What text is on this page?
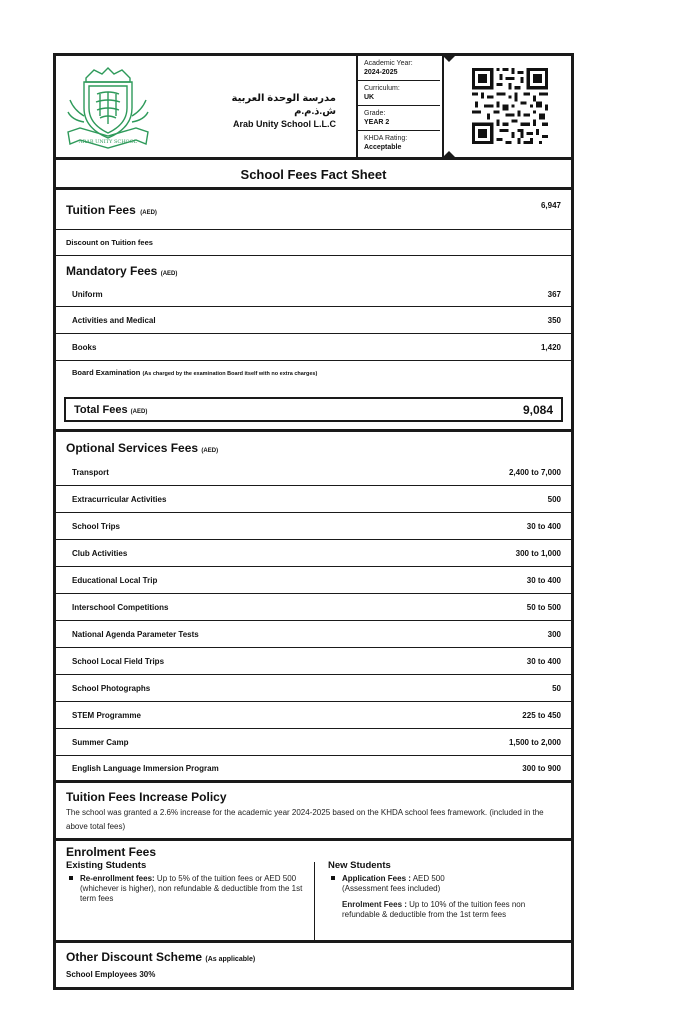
ARAB UNITY SCHOOL
مدرسة الوحدة العربية ش.ذ.م.م
Arab Unity School L.L.C
Academic Year:
2024-2025
Curriculum:
UK
Grade:
YEAR 2
KHDA Rating:
Acceptable
School Fees Fact Sheet
Tuition Fees (AED)
6,947
Discount on Tuition fees
Mandatory Fees (AED)
Uniform	367
Activities and Medical	350
Books	1,420
Board Examination (As charged by the examination Board itself with no extra charges)
Total Fees (AED)	9,084
Optional Services Fees (AED)
Transport	2,400 to 7,000
Extracurricular Activities	500
School Trips	30 to 400
Club Activities	300 to 1,000
Educational Local Trip	30 to 400
Interschool Competitions	50 to 500
National Agenda Parameter Tests	300
School Local Field Trips	30 to 400
School Photographs	50
STEM Programme	225 to 450
Summer Camp	1,500 to 2,000
English Language Immersion Program	300 to 900
Tuition Fees Increase Policy
The school was granted a 2.6% increase for the academic year 2024-2025 based on the KHDA school fees framework. (included in the above total fees)
Enrolment Fees
Existing Students
Re-enrollment fees: Up to 5% of the tuition fees or AED 500 (whichever is higher), non refundable & deductible from the 1st term fees
New Students
Application Fees : AED 500
(Assessment fees included)
Enrolment Fees : Up to 10% of the tuition fees non refundable & deductible from the 1st term fees
Other Discount Scheme (As applicable)
School Employees 30%
